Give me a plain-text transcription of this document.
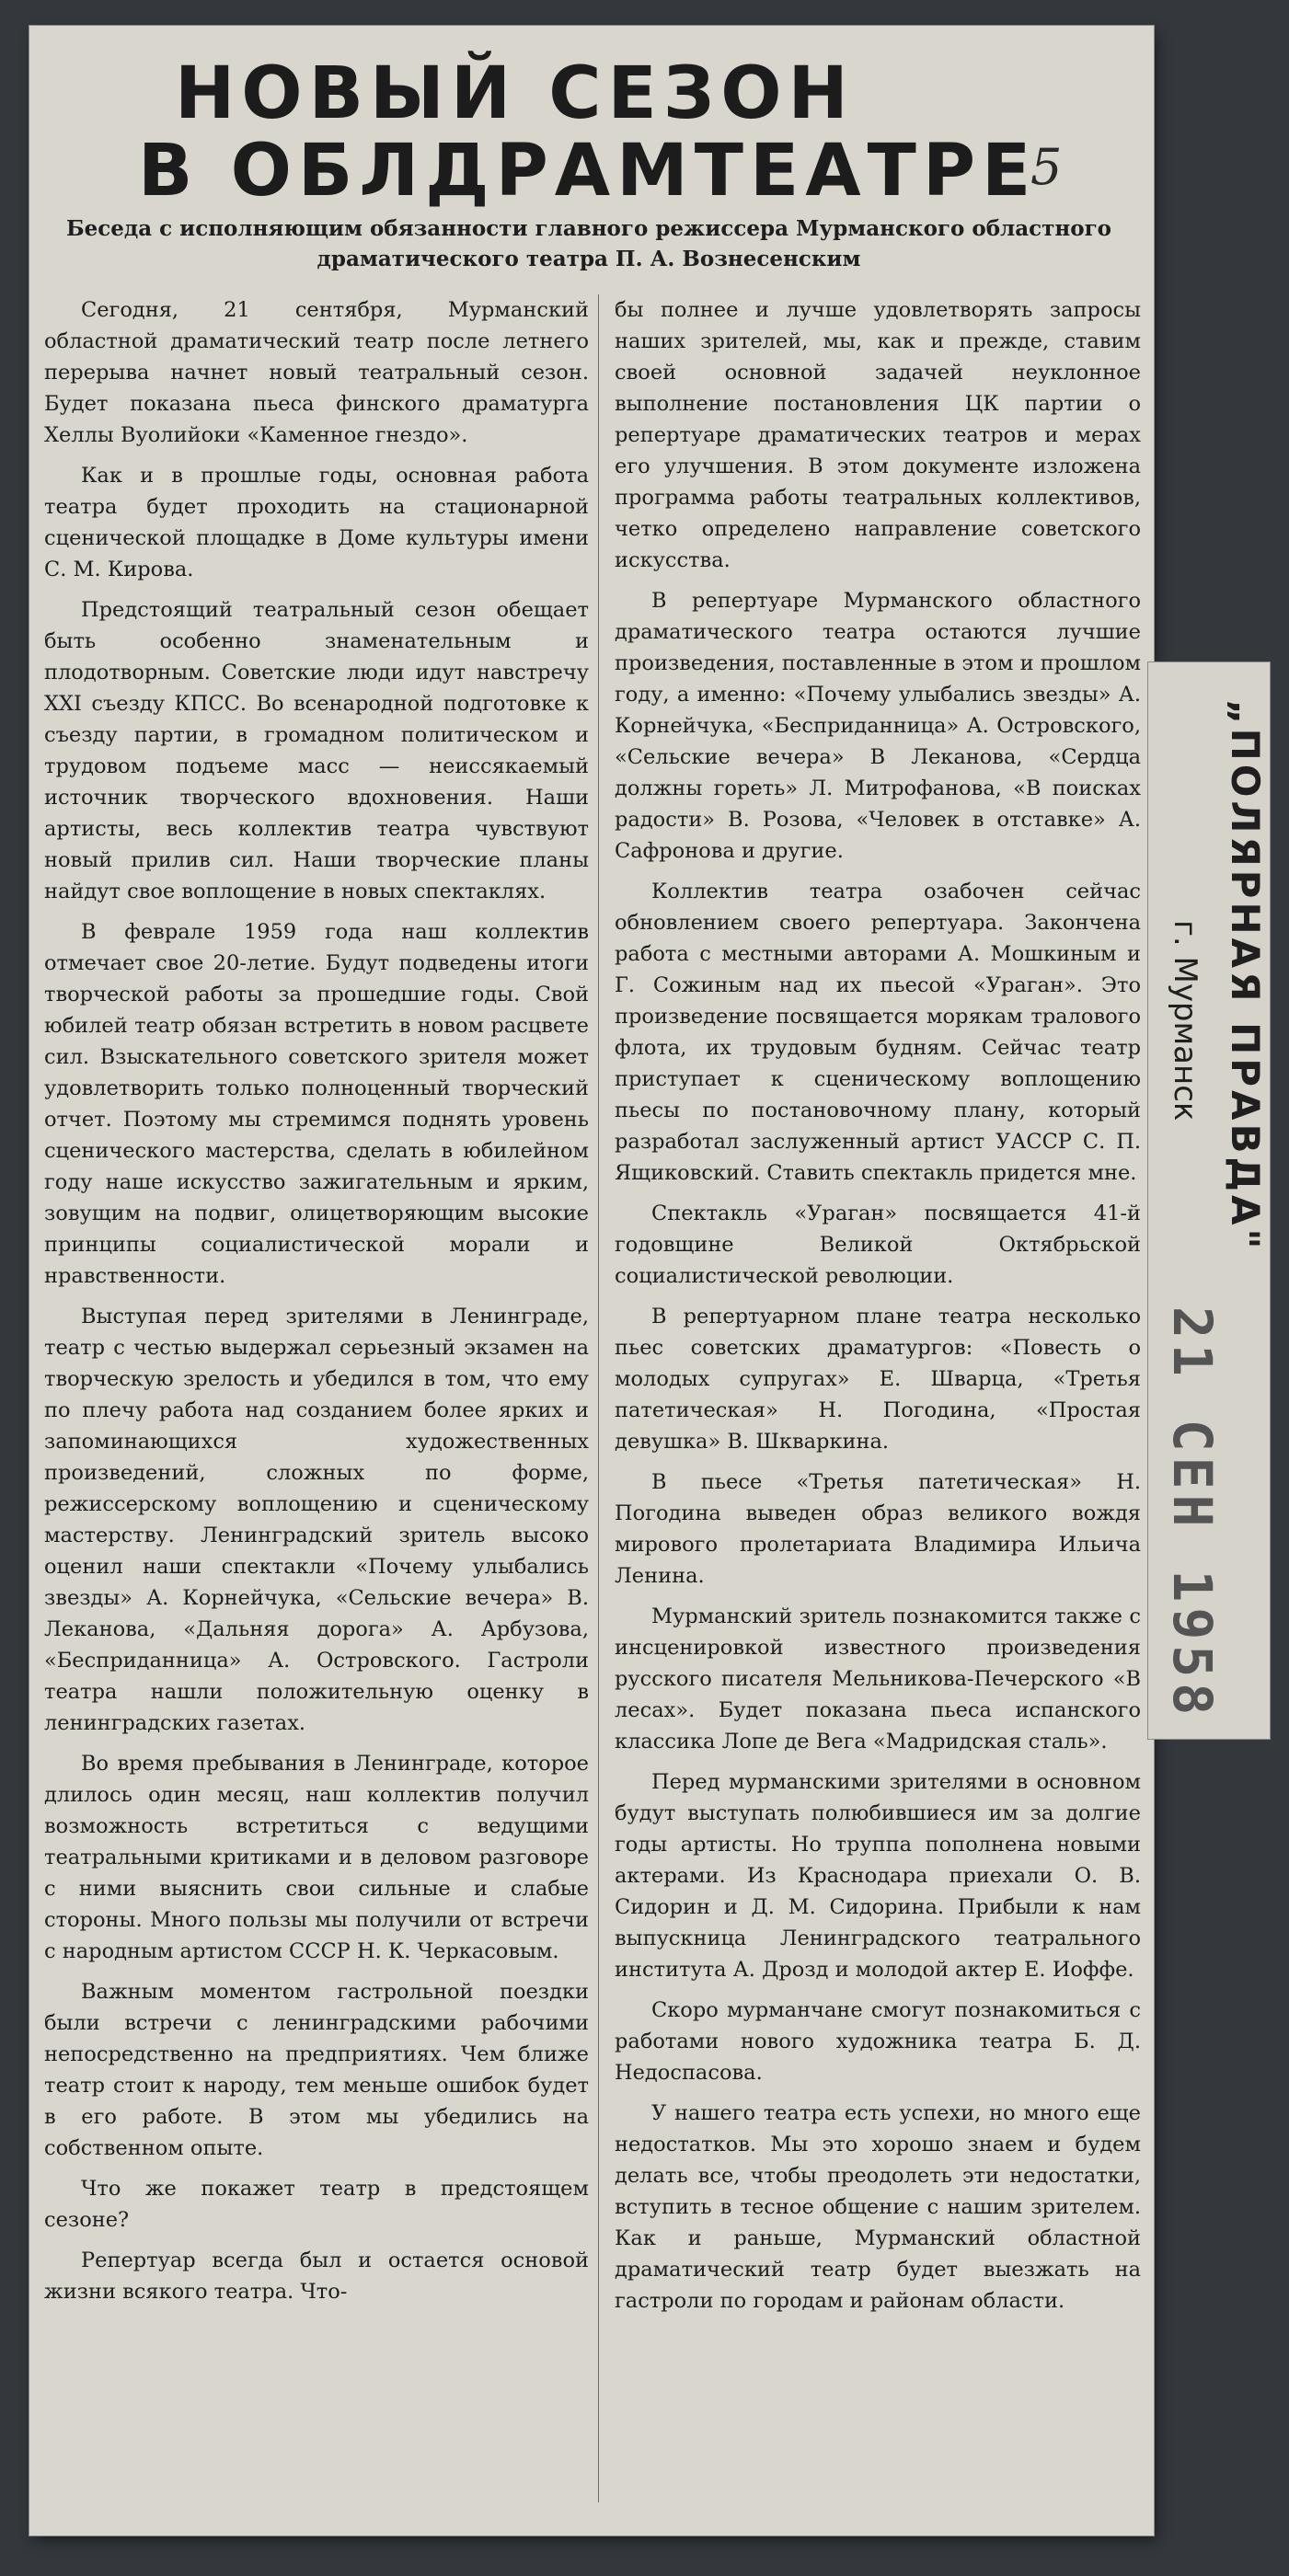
НОВЫЙ СЕЗОН
В ОБЛДРАМТЕАТРЕ
5
Беседа с исполняющим обязанности главного режиссера Мурманского областного драматического театра П. А. Вознесенским

Сегодня, 21 сентября, Мурманский областной драматический театр после летнего перерыва начнет новый театральный сезон. Будет показана пьеса финского драматурга Хеллы Вуолийоки «Каменное гнездо».

Как и в прошлые годы, основная работа театра будет проходить на стационарной сценической площадке в Доме культуры имени С. М. Кирова.

Предстоящий театральный сезон обещает быть особенно знаменательным и плодотворным. Советские люди идут навстречу XXI съезду КПСС. Во всенародной подготовке к съезду партии, в громадном политическом и трудовом подъеме масс — неиссякаемый источник творческого вдохновения. Наши артисты, весь коллектив театра чувствуют новый прилив сил. Наши творческие планы найдут свое воплощение в новых спектаклях.

В феврале 1959 года наш коллектив отмечает свое 20-летие. Будут подведены итоги творческой работы за прошедшие годы. Свой юбилей театр обязан встретить в новом расцвете сил. Взыскательного советского зрителя может удовлетворить только полноценный творческий отчет. Поэтому мы стремимся поднять уровень сценического мастерства, сделать в юбилейном году наше искусство зажигательным и ярким, зовущим на подвиг, олицетворяющим высокие принципы социалистической морали и нравственности.

Выступая перед зрителями в Ленинграде, театр с честью выдержал серьезный экзамен на творческую зрелость и убедился в том, что ему по плечу работа над созданием более ярких и запоминающихся художественных произведений, сложных по форме, режиссерскому воплощению и сценическому мастерству. Ленинградский зритель высоко оценил наши спектакли «Почему улыбались звезды» А. Корнейчука, «Сельские вечера» В. Леканова, «Дальняя дорога» А. Арбузова, «Бесприданница» А. Островского. Гастроли театра нашли положительную оценку в ленинградских газетах.

Во время пребывания в Ленинграде, которое длилось один месяц, наш коллектив получил возможность встретиться с ведущими театральными критиками и в деловом разговоре с ними выяснить свои сильные и слабые стороны. Много пользы мы получили от встречи с народным артистом СССР Н. К. Черкасовым.

Важным моментом гастрольной поездки были встречи с ленинградскими рабочими непосредственно на предприятиях. Чем ближе театр стоит к народу, тем меньше ошибок будет в его работе. В этом мы убедились на собственном опыте.

Что же покажет театр в предстоящем сезоне?

Репертуар всегда был и остается основой жизни всякого театра. Что-

бы полнее и лучше удовлетворять запросы наших зрителей, мы, как и прежде, ставим своей основной задачей неуклонное выполнение постановления ЦК партии о репертуаре драматических театров и мерах его улучшения. В этом документе изложена программа работы театральных коллективов, четко определено направление советского искусства.

В репертуаре Мурманского областного драматического театра остаются лучшие произведения, поставленные в этом и прошлом году, а именно: «Почему улыбались звезды» А. Корнейчука, «Бесприданница» А. Островского, «Сельские вечера» В Леканова, «Сердца должны гореть» Л. Митрофанова, «В поисках радости» В. Розова, «Человек в отставке» А. Сафронова и другие.

Коллектив театра озабочен сейчас обновлением своего репертуара. Закончена работа с местными авторами А. Мошкиным и Г. Сожиным над их пьесой «Ураган». Это произведение посвящается морякам тралового флота, их трудовым будням. Сейчас театр приступает к сценическому воплощению пьесы по постановочному плану, который разработал заслуженный артист УАССР С. П. Ящиковский. Ставить спектакль придется мне.

Спектакль «Ураган» посвящается 41-й годовщине Великой Октябрьской социалистической революции.

В репертуарном плане театра несколько пьес советских драматургов: «Повесть о молодых супругах» Е. Шварца, «Третья патетическая» Н. Погодина, «Простая девушка» В. Шкваркина.

В пьесе «Третья патетическая» Н. Погодина выведен образ великого вождя мирового пролетариата Владимира Ильича Ленина.

Мурманский зритель познакомится также с инсценировкой известного произведения русского писателя Мельникова-Печерского «В лесах». Будет показана пьеса испанского классика Лопе де Вега «Мадридская сталь».

Перед мурманскими зрителями в основном будут выступать полюбившиеся им за долгие годы артисты. Но труппа пополнена новыми актерами. Из Краснодара приехали О. В. Сидорин и Д. М. Сидорина. Прибыли к нам выпускница Ленинградского театрального института А. Дрозд и молодой актер Е. Иоффе.

Скоро мурманчане смогут познакомиться с работами нового художника театра Б. Д. Недоспасова.

У нашего театра есть успехи, но много еще недостатков. Мы это хорошо знаем и будем делать все, чтобы преодолеть эти недостатки, вступить в тесное общение с нашим зрителем. Как и раньше, Мурманский областной драматический театр будет выезжать на гастроли по городам и районам области.

„ПОЛЯРНАЯ ПРАВДА"
г. Мурманск
21 СЕН 1958
